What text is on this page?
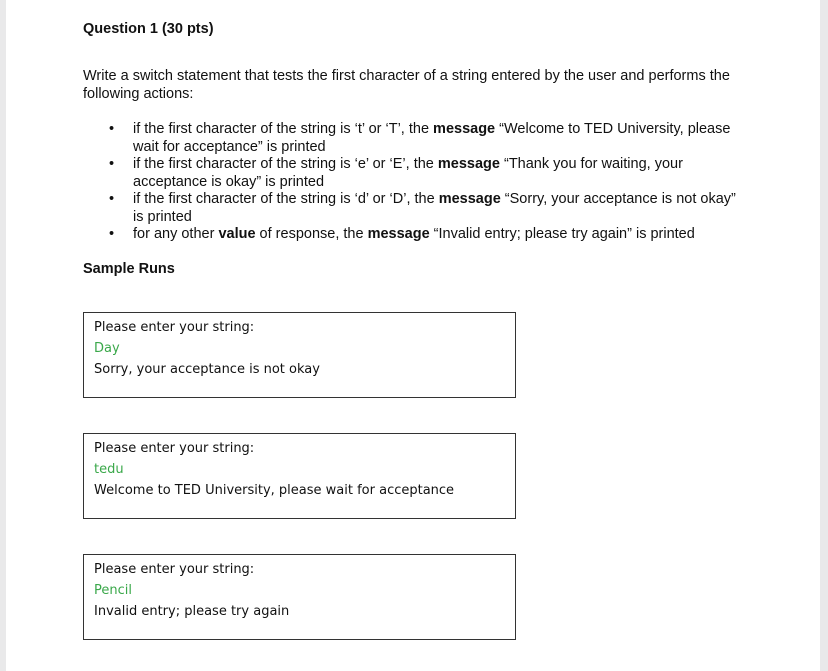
Question 1 (30 pts)
Write a switch statement that tests the first character of a string entered by the user and performs the following actions:
• if the first character of the string is ‘t’ or ‘T’, the message “Welcome to TED University, please wait for acceptance” is printed
• if the first character of the string is ‘e’ or ‘E’, the message “Thank you for waiting, your acceptance is okay” is printed
• if the first character of the string is ‘d’ or ‘D’, the message “Sorry, your acceptance is not okay” is printed
• for any other value of response, the message “Invalid entry; please try again” is printed
Sample Runs
Please enter your string:
Day
Sorry, your acceptance is not okay
Please enter your string:
tedu
Welcome to TED University, please wait for acceptance
Please enter your string:
Pencil
Invalid entry; please try again
